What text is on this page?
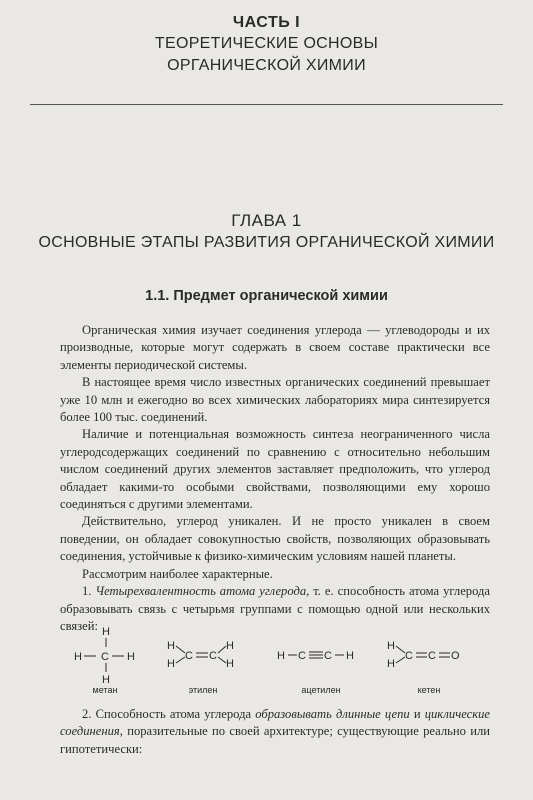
ЧАСТЬ I
ТЕОРЕТИЧЕСКИЕ ОСНОВЫ
ОРГАНИЧЕСКОЙ ХИМИИ
ГЛАВА 1
ОСНОВНЫЕ ЭТАПЫ РАЗВИТИЯ ОРГАНИЧЕСКОЙ ХИМИИ
1.1. Предмет органической химии

Органическая химия изучает соединения углерода — углеводороды и их производные, которые могут содержать в своем составе практически все элементы периодической системы.

В настоящее время число известных органических соединений превышает уже 10 млн и ежегодно во всех химических лабораториях мира синтезируется более 100 тыс. соединений.

Наличие и потенциальная возможность синтеза неограниченного числа углеродсодержащих соединений по сравнению с относительно небольшим числом соединений других элементов заставляет предположить, что углерод обладает какими-то особыми свойствами, позволяющими ему хорошо соединяться с другими элементами.

Действительно, углерод уникален. И не просто уникален в своем поведении, он обладает совокупностью свойств, позволяющих образовывать соединения, устойчивые к физико-химическим условиям нашей планеты.

Рассмотрим наиболее характерные.

1. Четырехвалентность атома углерода, т. е. способность атома углерода образовывать связь с четырьмя группами с помощью одной или нескольких связей: H
H C H
H
метан
H
H
C C
H
H
этилен
H C C H
ацетилен
H
H
C C O
кетен

2. Способность атома углерода образовывать длинные цепи и циклические соединения, поразительные по своей архитектуре; существующие реально или гипотетически:
